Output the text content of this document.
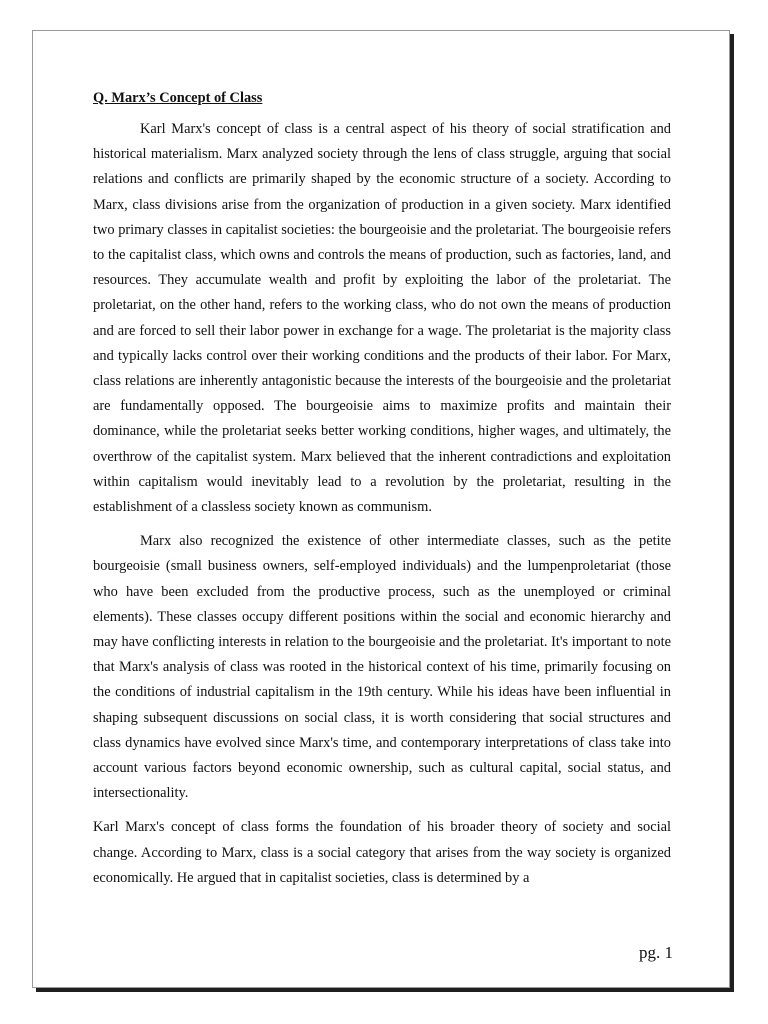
Q. Marx’s Concept of Class

Karl Marx's concept of class is a central aspect of his theory of social stratification and historical materialism. Marx analyzed society through the lens of class struggle, arguing that social relations and conflicts are primarily shaped by the economic structure of a society. According to Marx, class divisions arise from the organization of production in a given society. Marx identified two primary classes in capitalist societies: the bourgeoisie and the proletariat. The bourgeoisie refers to the capitalist class, which owns and controls the means of production, such as factories, land, and resources. They accumulate wealth and profit by exploiting the labor of the proletariat. The proletariat, on the other hand, refers to the working class, who do not own the means of production and are forced to sell their labor power in exchange for a wage. The proletariat is the majority class and typically lacks control over their working conditions and the products of their labor. For Marx, class relations are inherently antagonistic because the interests of the bourgeoisie and the proletariat are fundamentally opposed. The bourgeoisie aims to maximize profits and maintain their dominance, while the proletariat seeks better working conditions, higher wages, and ultimately, the overthrow of the capitalist system. Marx believed that the inherent contradictions and exploitation within capitalism would inevitably lead to a revolution by the proletariat, resulting in the establishment of a classless society known as communism.

Marx also recognized the existence of other intermediate classes, such as the petite bourgeoisie (small business owners, self-employed individuals) and the lumpenproletariat (those who have been excluded from the productive process, such as the unemployed or criminal elements). These classes occupy different positions within the social and economic hierarchy and may have conflicting interests in relation to the bourgeoisie and the proletariat. It's important to note that Marx's analysis of class was rooted in the historical context of his time, primarily focusing on the conditions of industrial capitalism in the 19th century. While his ideas have been influential in shaping subsequent discussions on social class, it is worth considering that social structures and class dynamics have evolved since Marx's time, and contemporary interpretations of class take into account various factors beyond economic ownership, such as cultural capital, social status, and intersectionality.

Karl Marx's concept of class forms the foundation of his broader theory of society and social change. According to Marx, class is a social category that arises from the way society is organized economically. He argued that in capitalist societies, class is determined by a

pg. 1
